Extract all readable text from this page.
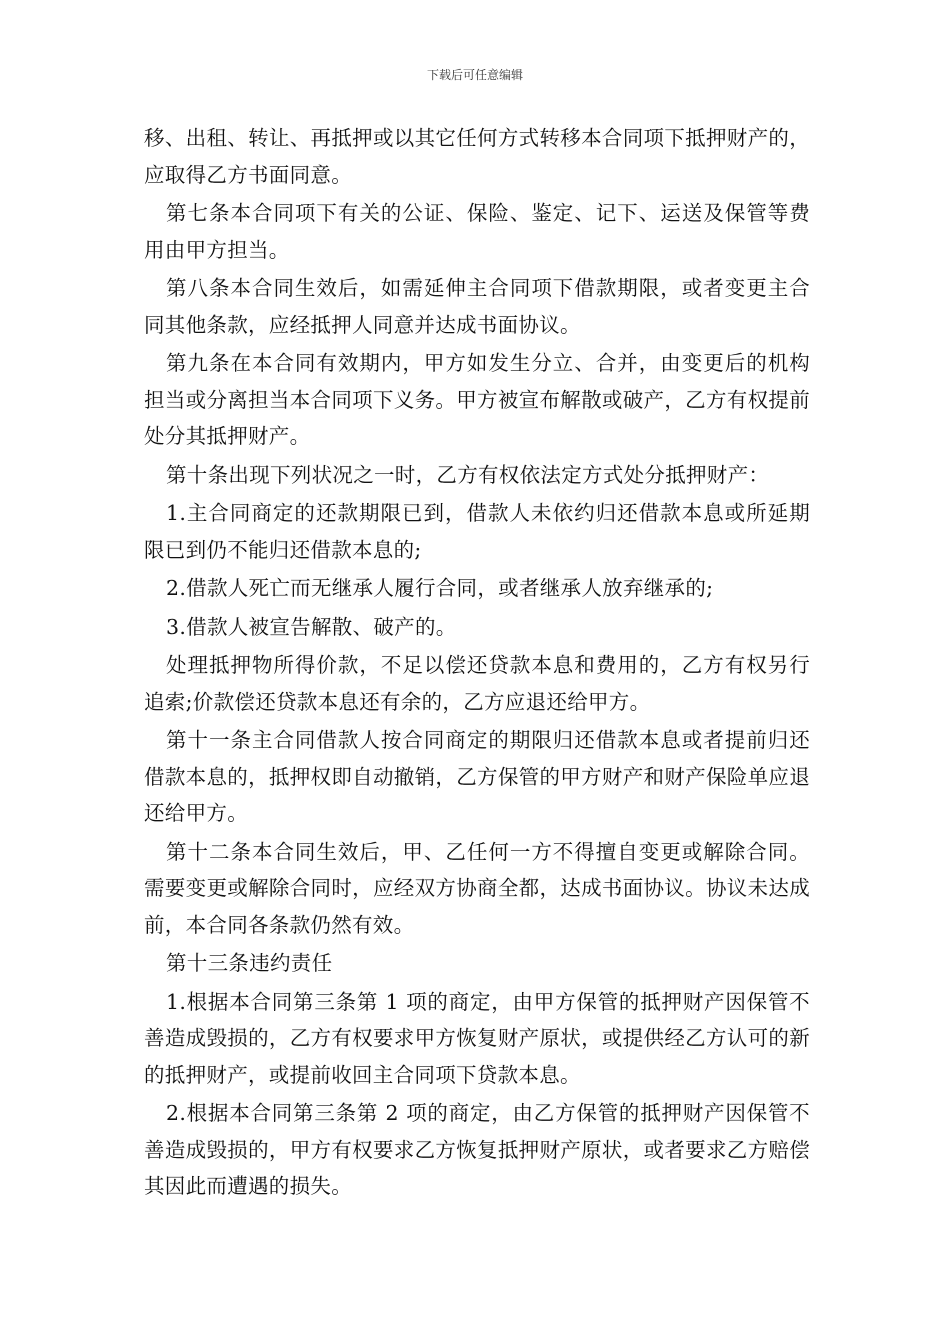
下载后可任意编辑

移、出租、转让、再抵押或以其它任何方式转移本合同项下抵押财产的，应取得乙方书面同意。

第七条本合同项下有关的公证、保险、鉴定、记下、运送及保管等费用由甲方担当。

第八条本合同生效后，如需延伸主合同项下借款期限，或者变更主合同其他条款，应经抵押人同意并达成书面协议。

第九条在本合同有效期内，甲方如发生分立、合并，由变更后的机构担当或分离担当本合同项下义务。甲方被宣布解散或破产，乙方有权提前处分其抵押财产。

第十条出现下列状况之一时，乙方有权依法定方式处分抵押财产：

1.主合同商定的还款期限已到，借款人未依约归还借款本息或所延期限已到仍不能归还借款本息的;

2.借款人死亡而无继承人履行合同，或者继承人放弃继承的;

3.借款人被宣告解散、破产的。

处理抵押物所得价款，不足以偿还贷款本息和费用的，乙方有权另行追索;价款偿还贷款本息还有余的，乙方应退还给甲方。

第十一条主合同借款人按合同商定的期限归还借款本息或者提前归还借款本息的，抵押权即自动撤销，乙方保管的甲方财产和财产保险单应退还给甲方。

第十二条本合同生效后，甲、乙任何一方不得擅自变更或解除合同。需要变更或解除合同时，应经双方协商全都，达成书面协议。协议未达成前，本合同各条款仍然有效。

第十三条违约责任

1.根据本合同第三条第 1 项的商定，由甲方保管的抵押财产因保管不善造成毁损的，乙方有权要求甲方恢复财产原状，或提供经乙方认可的新的抵押财产，或提前收回主合同项下贷款本息。

2.根据本合同第三条第 2 项的商定，由乙方保管的抵押财产因保管不善造成毁损的，甲方有权要求乙方恢复抵押财产原状，或者要求乙方赔偿其因此而遭遇的损失。
